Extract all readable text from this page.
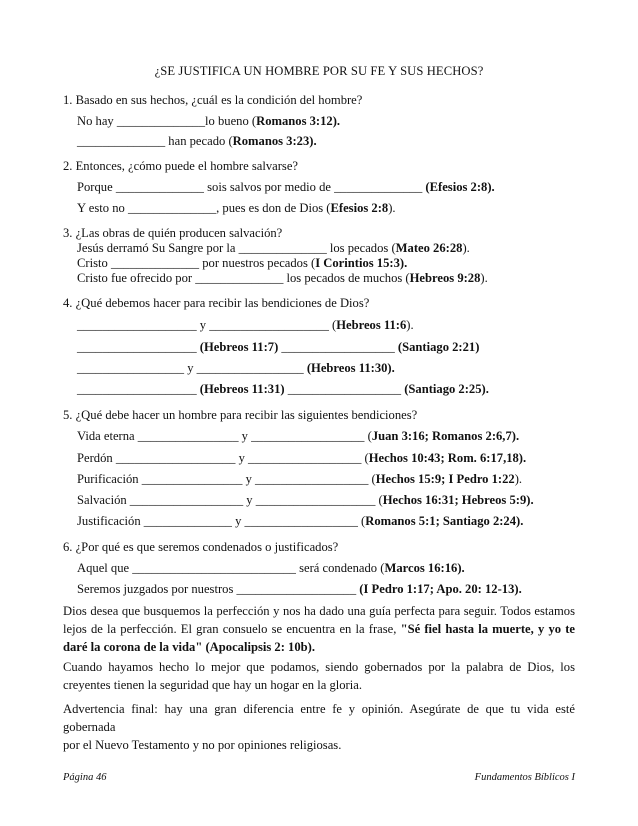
¿SE JUSTIFICA UN HOMBRE POR SU FE Y SUS HECHOS?
1. Basado en sus hechos, ¿cuál es la condición del hombre?
No hay ______________lo bueno (Romanos 3:12).
______________ han pecado (Romanos 3:23).
2. Entonces, ¿cómo puede el hombre salvarse?
Porque ______________ sois salvos por medio de ______________ (Efesios 2:8).
Y esto no ______________, pues es don de Dios (Efesios 2:8).
3. ¿Las obras de quién producen salvación?
Jesús derramó Su Sangre por la ______________ los pecados (Mateo 26:28).
Cristo ______________ por nuestros pecados (I Corintios 15:3).
Cristo fue ofrecido por ______________ los pecados de muchos (Hebreos 9:28).
4. ¿Qué debemos hacer para recibir las bendiciones de Dios?
___________________ y ___________________ (Hebreos 11:6).
___________________ (Hebreos 11:7) __________________ (Santiago 2:21)
_________________ y _________________ (Hebreos 11:30).
___________________ (Hebreos 11:31) __________________ (Santiago 2:25).
5. ¿Qué debe hacer un hombre para recibir las siguientes bendiciones?
Vida eterna ________________ y __________________ (Juan 3:16; Romanos 2:6,7).
Perdón ___________________ y __________________ (Hechos 10:43; Rom. 6:17,18).
Purificación ________________ y __________________ (Hechos 15:9; I Pedro 1:22).
Salvación __________________ y ___________________ (Hechos 16:31; Hebreos 5:9).
Justificación ______________ y __________________ (Romanos 5:1; Santiago 2:24).
6. ¿Por qué es que seremos condenados o justificados?
Aquel que __________________________ será condenado (Marcos 16:16).
Seremos juzgados por nuestros ___________________ (I Pedro 1:17; Apo. 20: 12-13).
Dios desea que busquemos la perfección y nos ha dado una guía perfecta para seguir. Todos estamos
lejos de la perfección. El gran consuelo se encuentra en la frase, "Sé fiel hasta la muerte, y yo te
daré la corona de la vida" (Apocalipsis 2: 10b).
Cuando hayamos hecho lo mejor que podamos, siendo gobernados por la palabra de Dios, los
creyentes tienen la seguridad que hay un hogar en la gloria.
Advertencia final: hay una gran diferencia entre fe y opinión. Asegúrate de que tu vida esté gobernada
por el Nuevo Testamento y no por opiniones religiosas.
Página 46	Fundamentos Bíblicos I
